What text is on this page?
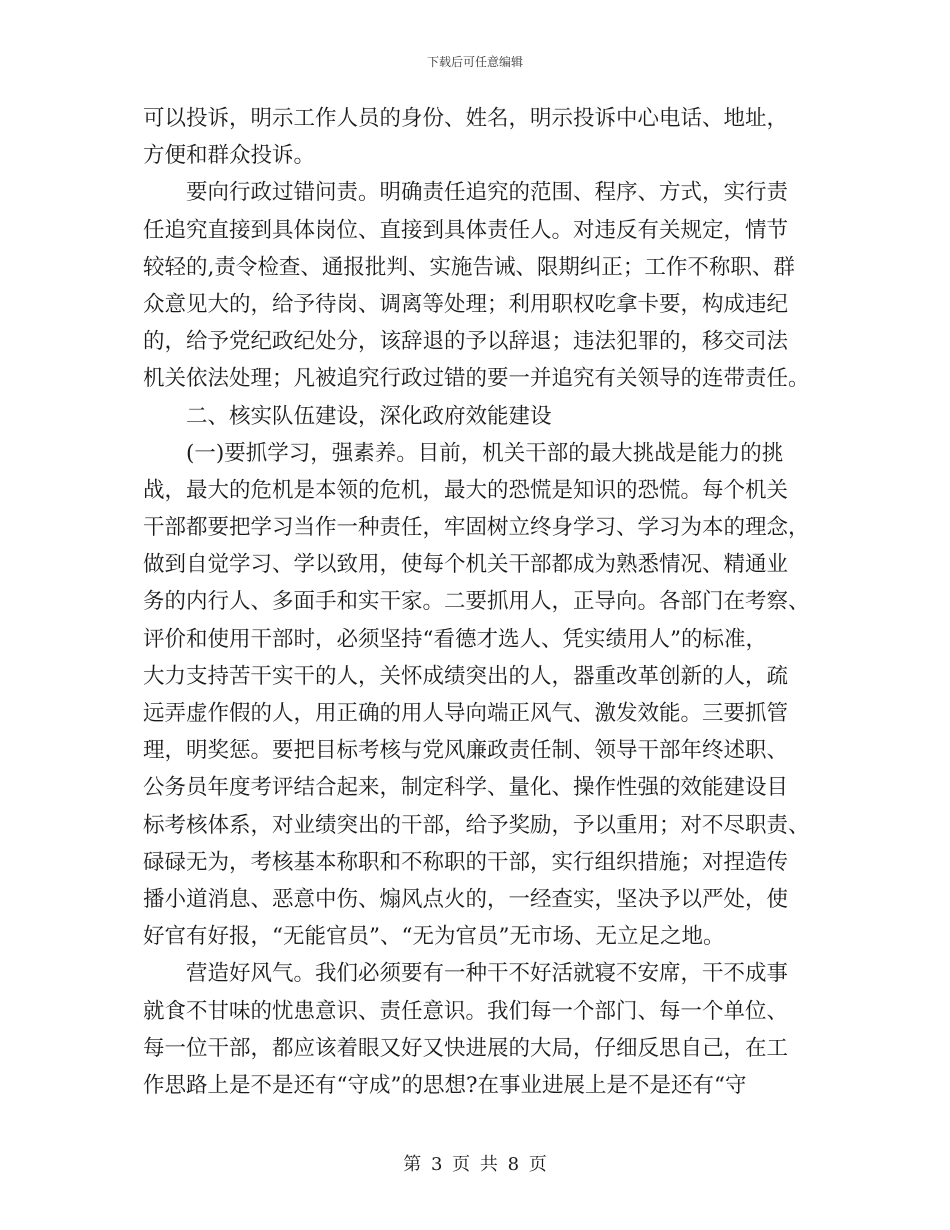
下载后可任意编辑
可以投诉，明示工作人员的身份、姓名，明示投诉中心电话、地址，
方便和群众投诉。
要向行政过错问责。明确责任追究的范围、程序、方式，实行责
任追究直接到具体岗位、直接到具体责任人。对违反有关规定，情节
较轻的,责令检查、通报批判、实施告诫、限期纠正；工作不称职、群
众意见大的，给予待岗、调离等处理；利用职权吃拿卡要，构成违纪
的，给予党纪政纪处分，该辞退的予以辞退；违法犯罪的，移交司法
机关依法处理；凡被追究行政过错的要一并追究有关领导的连带责任。
二、核实队伍建设，深化政府效能建设
(一)要抓学习，强素养。目前，机关干部的最大挑战是能力的挑
战，最大的危机是本领的危机，最大的恐慌是知识的恐慌。每个机关
干部都要把学习当作一种责任，牢固树立终身学习、学习为本的理念，
做到自觉学习、学以致用，使每个机关干部都成为熟悉情况、精通业
务的内行人、多面手和实干家。二要抓用人，正导向。各部门在考察、
评价和使用干部时，必须坚持“看德才选人、凭实绩用人”的标准，
大力支持苦干实干的人，关怀成绩突出的人，器重改革创新的人，疏
远弄虚作假的人，用正确的用人导向端正风气、激发效能。三要抓管
理，明奖惩。要把目标考核与党风廉政责任制、领导干部年终述职、
公务员年度考评结合起来，制定科学、量化、操作性强的效能建设目
标考核体系，对业绩突出的干部，给予奖励，予以重用；对不尽职责、
碌碌无为，考核基本称职和不称职的干部，实行组织措施；对捏造传
播小道消息、恶意中伤、煽风点火的，一经查实，坚决予以严处，使
好官有好报，“无能官员”、“无为官员”无市场、无立足之地。
营造好风气。我们必须要有一种干不好活就寝不安席，干不成事
就食不甘味的忧患意识、责任意识。我们每一个部门、每一个单位、
每一位干部，都应该着眼又好又快进展的大局，仔细反思自己，在工
作思路上是不是还有“守成”的思想?在事业进展上是不是还有“守
第 3 页 共 8 页
